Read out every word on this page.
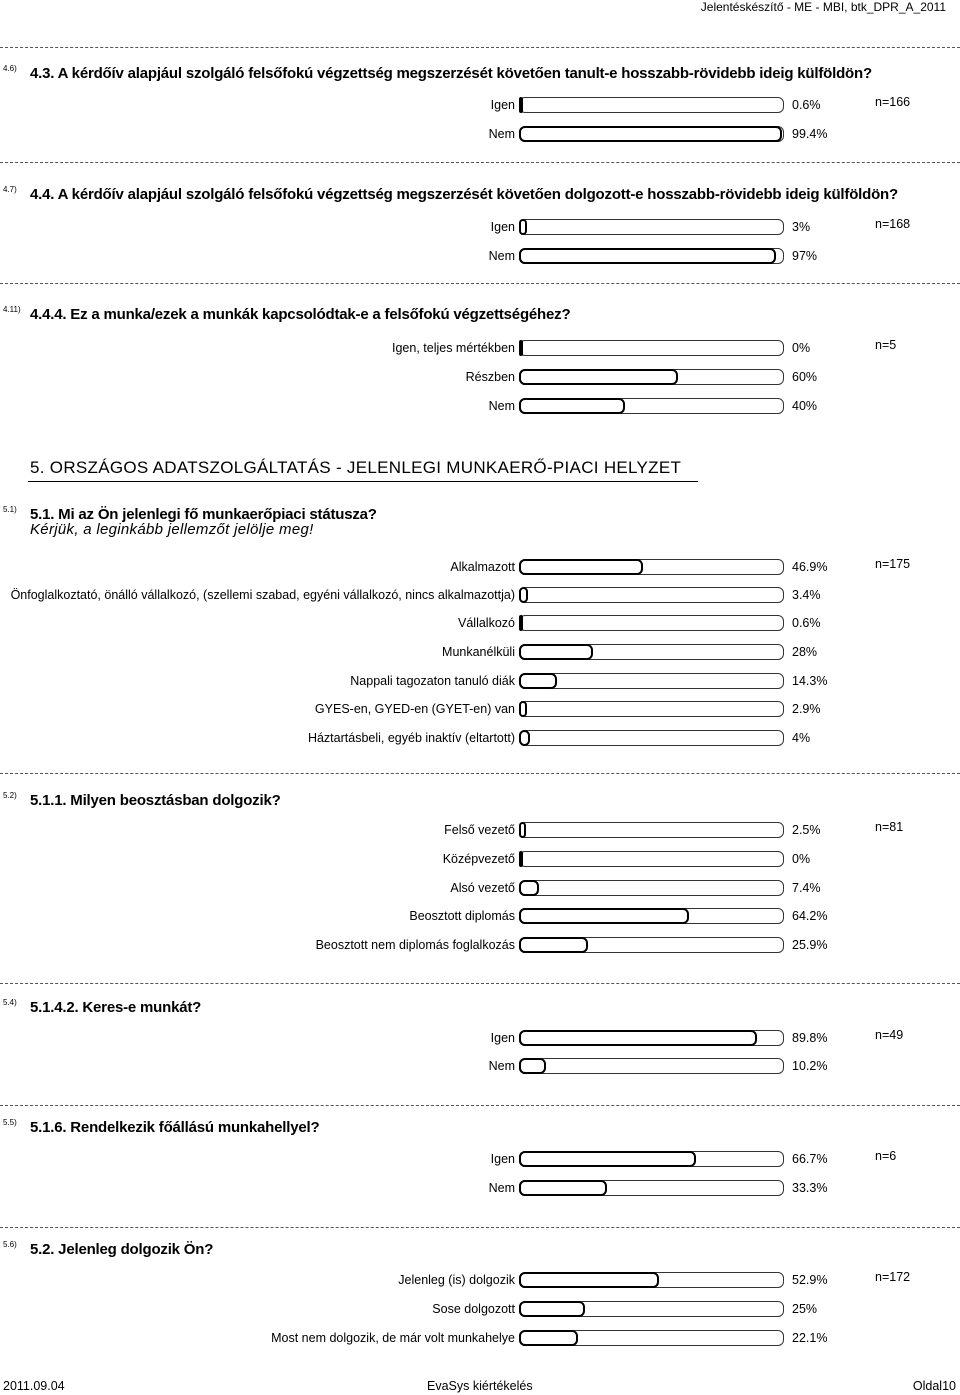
Jelentéskészítő - ME - MBI, btk_DPR_A_2011
4.6) 4.3. A kérdőív alapjául szolgáló felsőfokú végzettség megszerzését követően tanult-e hosszabb-rövidebb ideig külföldön?
n=166
Igen	0.6%
Nem	99.4%
4.7) 4.4. A kérdőív alapjául szolgáló felsőfokú végzettség megszerzését követően dolgozott-e hosszabb-rövidebb ideig külföldön?
n=168
Igen	3%
Nem	97%
4.11) 4.4.4. Ez a munka/ezek a munkák kapcsolódtak-e a felsőfokú végzettségéhez?
n=5
Igen, teljes mértékben	0%
Részben	60%
Nem	40%
5.1) 5.1. Mi az Ön jelenlegi fő munkaerőpiaci státusza?
Kérjük, a leginkább jellemzőt jelölje meg!
n=175
Alkalmazott	46.9%
Önfoglalkoztató, önálló vállalkozó, (szellemi szabad, egyéni vállalkozó, nincs alkalmazottja)	3.4%
Vállalkozó	0.6%
Munkanélküli	28%
Nappali tagozaton tanuló diák	14.3%
GYES-en, GYED-en (GYET-en) van	2.9%
Háztartásbeli, egyéb inaktív (eltartott)	4%
5.2) 5.1.1. Milyen beosztásban dolgozik?
n=81
Felső vezető	2.5%
Középvezető	0%
Alsó vezető	7.4%
Beosztott diplomás	64.2%
Beosztott nem diplomás foglalkozás	25.9%
5.4) 5.1.4.2. Keres-e munkát?
n=49
Igen	89.8%
Nem	10.2%
5.5) 5.1.6. Rendelkezik főállású munkahellyel?
n=6
Igen	66.7%
Nem	33.3%
5.6) 5.2. Jelenleg dolgozik Ön?
n=172
Jelenleg (is) dolgozik	52.9%
Sose dolgozott	25%
Most nem dolgozik, de már volt munkahelye	22.1%
5. ORSZÁGOS ADATSZOLGÁLTATÁS - JELENLEGI MUNKAERŐ-PIACI HELYZET
2011.09.04	EvaSys kiértékelés	Oldal10
